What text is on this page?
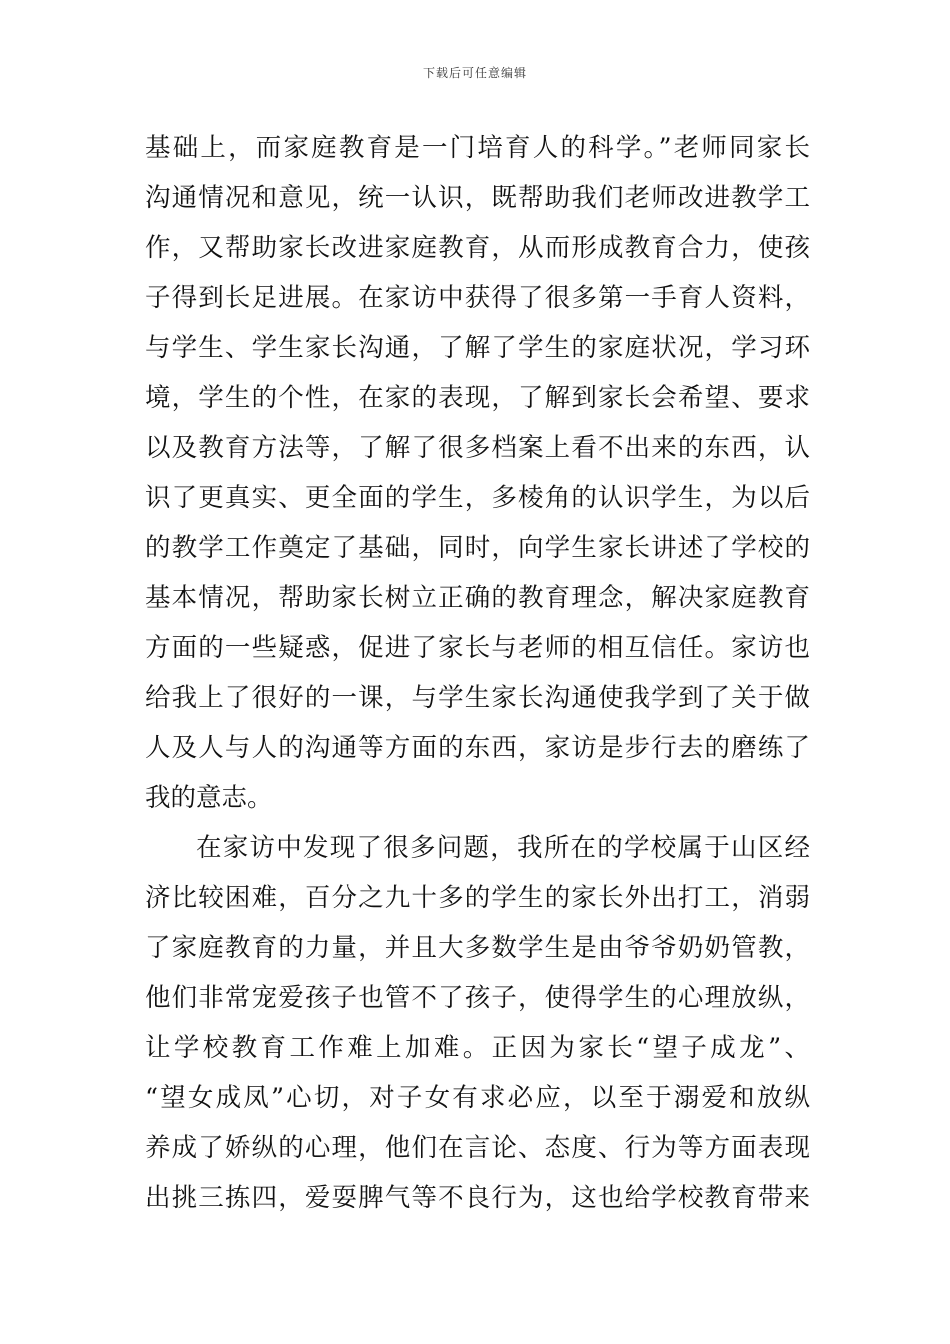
下载后可任意编辑
基础上，而家庭教育是一门培育人的科学。”老师同家长
沟通情况和意见，统一认识，既帮助我们老师改进教学工
作，又帮助家长改进家庭教育，从而形成教育合力，使孩
子得到长足进展。在家访中获得了很多第一手育人资料，
与学生、学生家长沟通，了解了学生的家庭状况，学习环
境，学生的个性，在家的表现，了解到家长会希望、要求
以及教育方法等，了解了很多档案上看不出来的东西，认
识了更真实、更全面的学生，多棱角的认识学生，为以后
的教学工作奠定了基础，同时，向学生家长讲述了学校的
基本情况，帮助家长树立正确的教育理念，解决家庭教育
方面的一些疑惑，促进了家长与老师的相互信任。家访也
给我上了很好的一课，与学生家长沟通使我学到了关于做
人及人与人的沟通等方面的东西，家访是步行去的磨练了
我的意志。
在家访中发现了很多问题，我所在的学校属于山区经
济比较困难，百分之九十多的学生的家长外出打工，消弱
了家庭教育的力量，并且大多数学生是由爷爷奶奶管教，
他们非常宠爱孩子也管不了孩子，使得学生的心理放纵，
让学校教育工作难上加难。正因为家长“望子成龙”、
“望女成凤”心切，对子女有求必应，以至于溺爱和放纵
养成了娇纵的心理，他们在言论、态度、行为等方面表现
出挑三拣四，爱耍脾气等不良行为，这也给学校教育带来
